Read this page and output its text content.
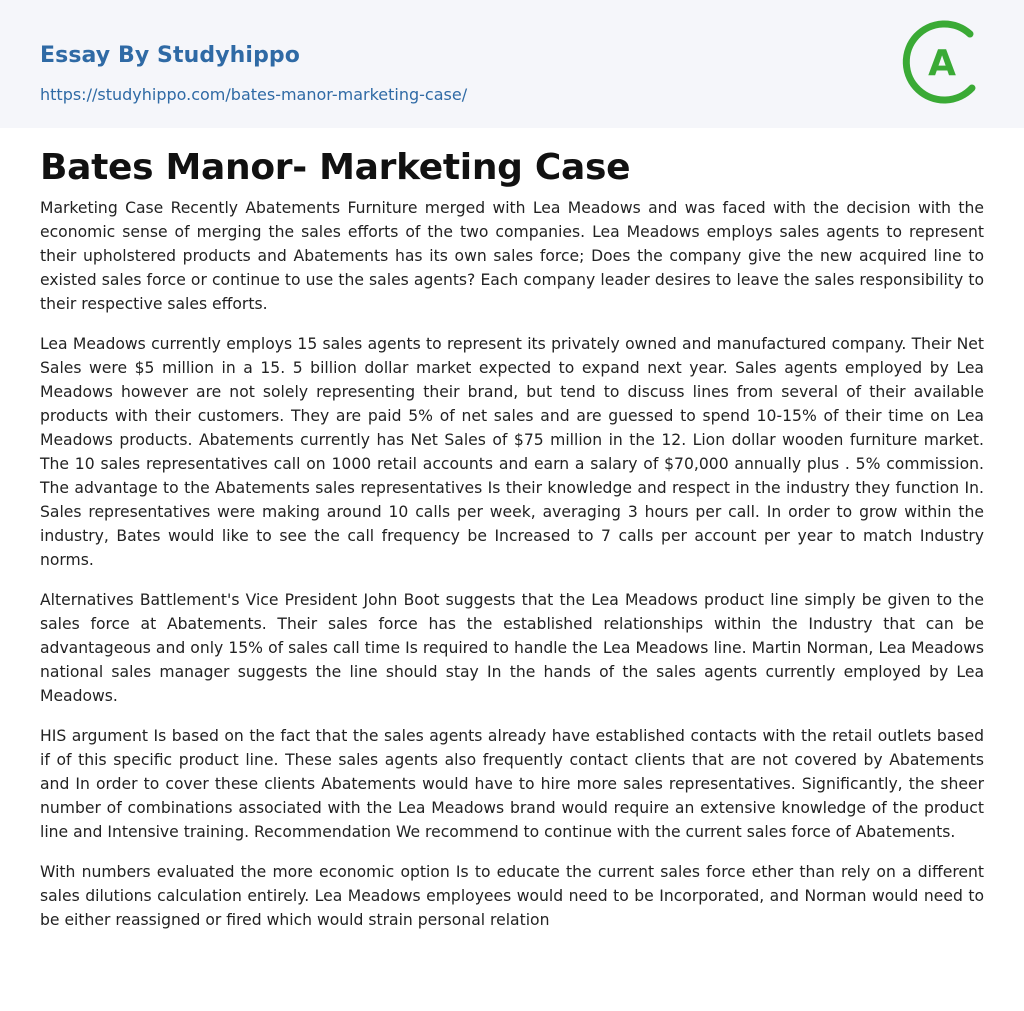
Essay By Studyhippo
https://studyhippo.com/bates-manor-marketing-case/
A
Bates Manor- Marketing Case

Marketing Case Recently Abatements Furniture merged with Lea Meadows and was faced with the decision with the economic sense of merging the sales efforts of the two companies. Lea Meadows employs sales agents to represent their upholstered products and Abatements has its own sales force; Does the company give the new acquired line to existed sales force or continue to use the sales agents? Each company leader desires to leave the sales responsibility to their respective sales efforts.

Lea Meadows currently employs 15 sales agents to represent its privately owned and manufactured company. Their Net Sales were $5 million in a 15. 5 billion dollar market expected to expand next year. Sales agents employed by Lea Meadows however are not solely representing their brand, but tend to discuss lines from several of their available products with their customers. They are paid 5% of net sales and are guessed to spend 10-15% of their time on Lea Meadows products. Abatements currently has Net Sales of $75 million in the 12. Lion dollar wooden furniture market. The 10 sales representatives call on 1000 retail accounts and earn a salary of $70,000 annually plus . 5% commission. The advantage to the Abatements sales representatives Is their knowledge and respect in the industry they function In. Sales representatives were making around 10 calls per week, averaging 3 hours per call. In order to grow within the industry, Bates would like to see the call frequency be Increased to 7 calls per account per year to match Industry norms.

Alternatives Battlement's Vice President John Boot suggests that the Lea Meadows product line simply be given to the sales force at Abatements. Their sales force has the established relationships within the Industry that can be advantageous and only 15% of sales call time Is required to handle the Lea Meadows line. Martin Norman, Lea Meadows national sales manager suggests the line should stay In the hands of the sales agents currently employed by Lea Meadows.

HIS argument Is based on the fact that the sales agents already have established contacts with the retail outlets based if of this specific product line. These sales agents also frequently contact clients that are not covered by Abatements and In order to cover these clients Abatements would have to hire more sales representatives. Significantly, the sheer number of combinations associated with the Lea Meadows brand would require an extensive knowledge of the product line and Intensive training. Recommendation We recommend to continue with the current sales force of Abatements.

With numbers evaluated the more economic option Is to educate the current sales force ether than rely on a different sales dilutions calculation entirely. Lea Meadows employees would need to be Incorporated, and Norman would need to be either reassigned or fired which would strain personal relation
